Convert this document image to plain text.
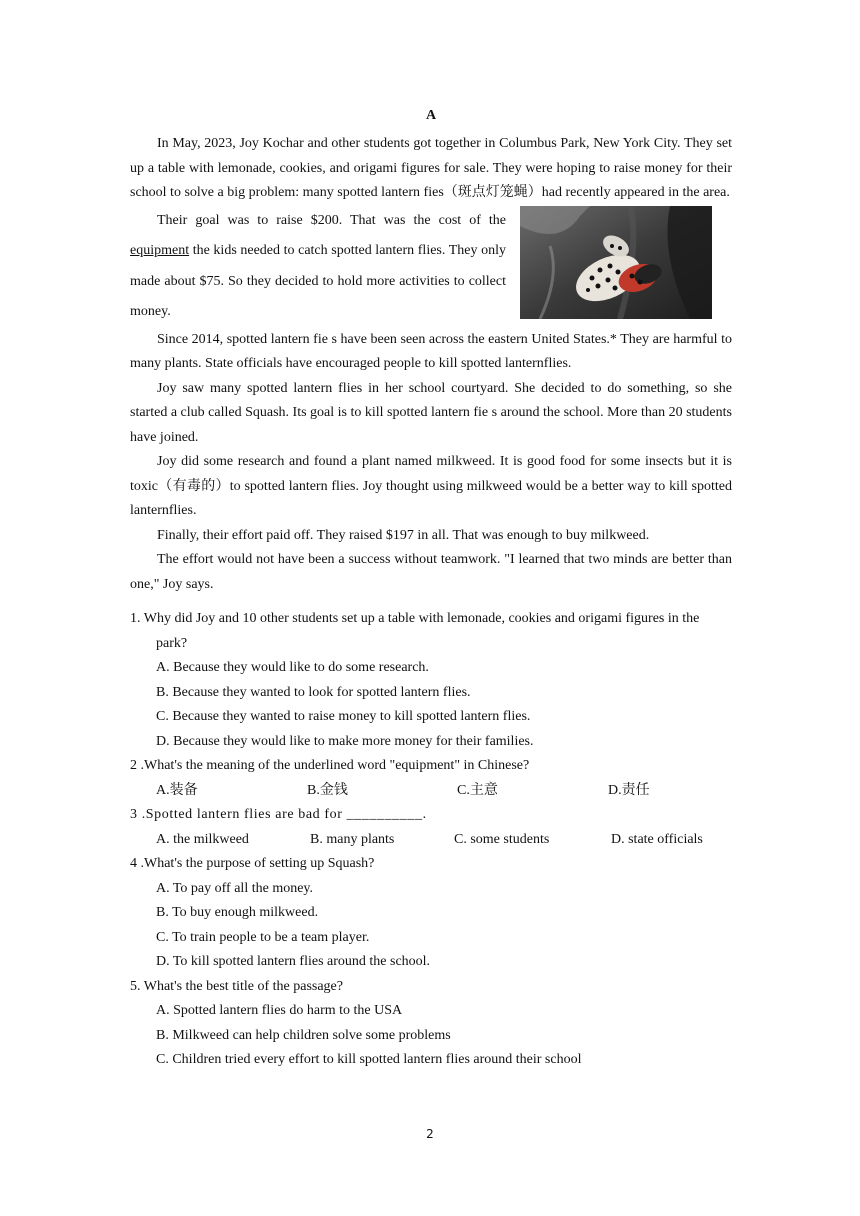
A

In May, 2023, Joy Kochar and other students got together in Columbus Park, New York City. They set up a table with lemonade, cookies, and origami figures for sale. They were hoping to raise money for their school to solve a big problem: many spotted lantern fies（斑点灯笼蝇）had recently appeared in the area.

Their goal was to raise $200. That was the cost of the equipment the kids needed to catch spotted lantern flies. They only made about $75. So they decided to hold more activities to collect money.

Since 2014, spotted lantern fie s have been seen across the eastern United States.* They are harmful to many plants. State officials have encouraged people to kill spotted lanternflies.

Joy saw many spotted lantern flies in her school courtyard. She decided to do something, so she started a club called Squash. Its goal is to kill spotted lantern fie s around the school. More than 20 students have joined.

Joy did some research and found a plant named milkweed. It is good food for some insects but it is toxic（有毒的）to spotted lantern flies. Joy thought using milkweed would be a better way to kill spotted lanternflies.

Finally, their effort paid off. They raised $197 in all. That was enough to buy milkweed.

The effort would not have been a success without teamwork. "I learned that two minds are better than one," Joy says.

1. Why did Joy and 10 other students set up a table with lemonade, cookies and origami figures in the park?

A. Because they would like to do some research.

B. Because they wanted to look for spotted lantern flies.

C. Because they wanted to raise money to kill spotted lantern flies.

D. Because they would like to make more money for their families.

2 .What's the meaning of the underlined word "equipment" in Chinese?

A.装备	B.金钱	C.主意	D.责任

3 .Spotted lantern flies are bad for __________.

A. the milkweed	B. many plants	C. some students	D. state officials

4 .What's the purpose of setting up Squash?

A. To pay off all the money.

B. To buy enough milkweed.

C. To train people to be a team player.

D. To kill spotted lantern flies around the school.

5. What's the best title of the passage?

A. Spotted lantern flies do harm to the USA

B. Milkweed can help children solve some problems

C. Children tried every effort to kill spotted lantern flies around their school

2
